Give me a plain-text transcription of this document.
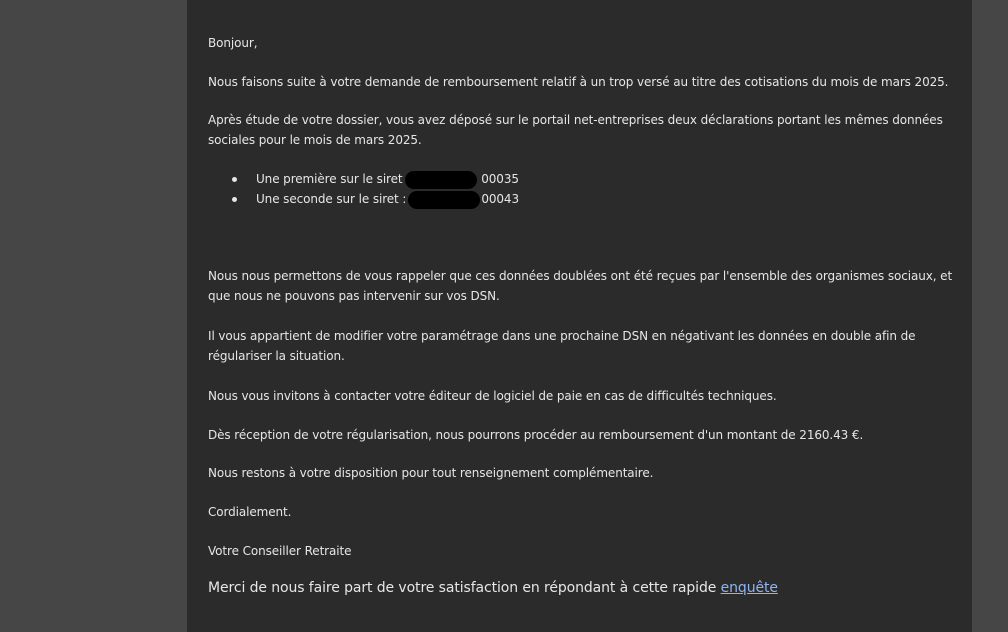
Bonjour,

Nous faisons suite à votre demande de remboursement relatif à un trop versé au titre des cotisations du mois de mars 2025.

Après étude de votre dossier, vous avez déposé sur le portail net-entreprises deux déclarations portant les mêmes données sociales pour le mois de mars 2025.

Une première sur le siret	00035
Une seconde sur le siret :	00043

Nous nous permettons de vous rappeler que ces données doublées ont été reçues par l'ensemble des organismes sociaux, et que nous ne pouvons pas intervenir sur vos DSN.

Il vous appartient de modifier votre paramétrage dans une prochaine DSN en négativant les données en double afin de régulariser la situation.

Nous vous invitons à contacter votre éditeur de logiciel de paie en cas de difficultés techniques.

Dès réception de votre régularisation, nous pourrons procéder au remboursement d'un montant de 2160.43 €.

Nous restons à votre disposition pour tout renseignement complémentaire.

Cordialement.

Votre Conseiller Retraite

Merci de nous faire part de votre satisfaction en répondant à cette rapide enquête
